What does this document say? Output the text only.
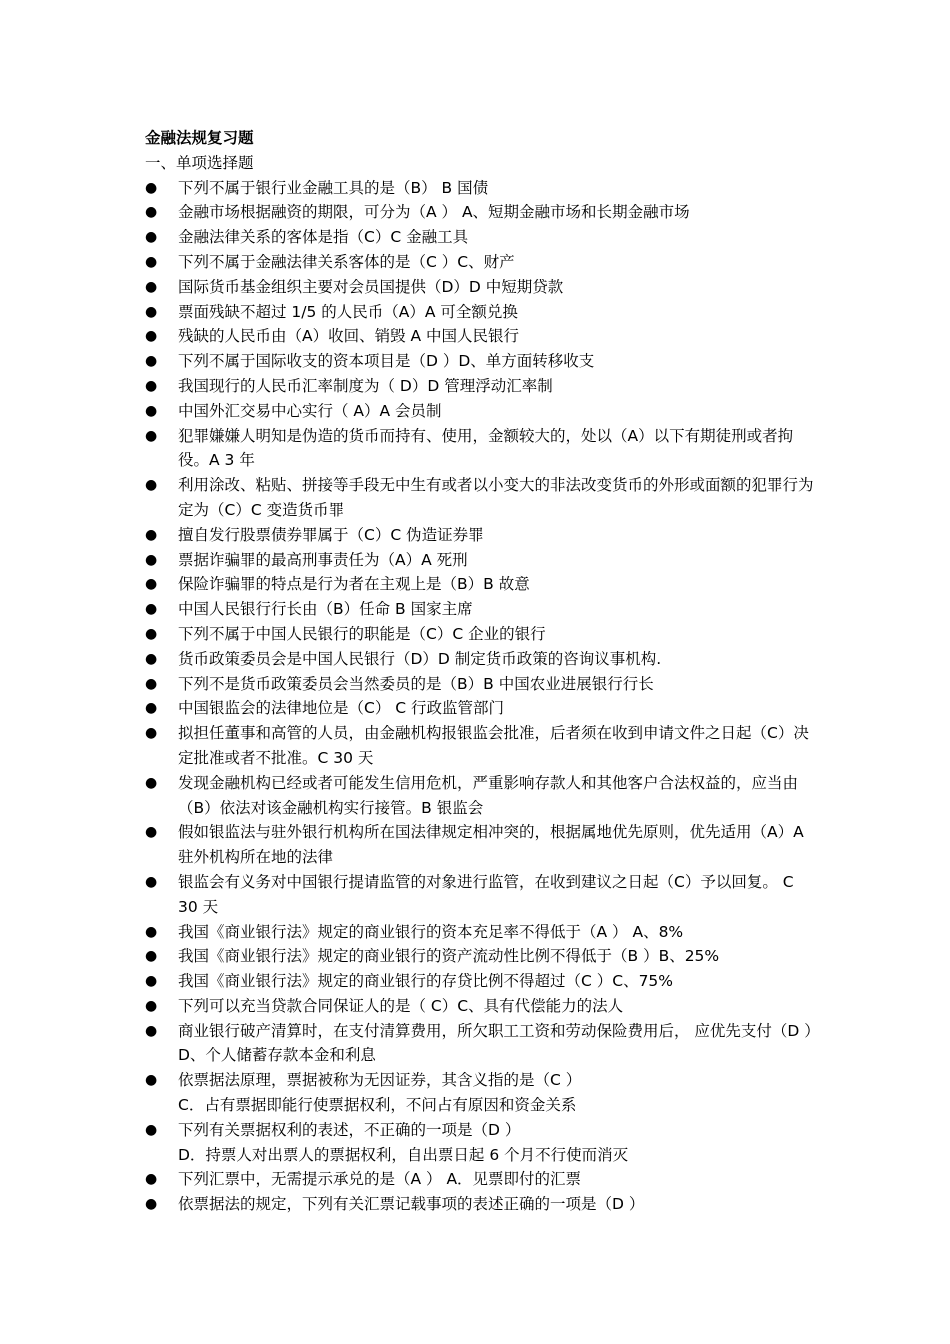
金融法规复习题
一、单项选择题
● 下列不属于银行业金融工具的是（B） B 国债
● 金融市场根据融资的期限，可分为（A ） A、短期金融市场和长期金融市场
● 金融法律关系的客体是指（C）C 金融工具
● 下列不属于金融法律关系客体的是（C ）C、财产
● 国际货币基金组织主要对会员国提供（D）D 中短期贷款
● 票面残缺不超过 1/5 的人民币（A）A 可全额兑换
● 残缺的人民币由（A）收回、销毁 A 中国人民银行
● 下列不属于国际收支的资本项目是（D ）D、单方面转移收支
● 我国现行的人民币汇率制度为（ D）D 管理浮动汇率制
● 中国外汇交易中心实行（ A）A 会员制
● 犯罪嫌嫌人明知是伪造的货币而持有、使用，金额较大的，处以（A）以下有期徒刑或者拘役。A 3 年
● 利用涂改、粘贴、拼接等手段无中生有或者以小变大的非法改变货币的外形或面额的犯罪行为定为（C）C 变造货币罪
● 擅自发行股票债券罪属于（C）C 伪造证券罪
● 票据诈骗罪的最高刑事责任为（A）A 死刑
● 保险诈骗罪的特点是行为者在主观上是（B）B 故意
● 中国人民银行行长由（B）任命 B 国家主席
● 下列不属于中国人民银行的职能是（C）C 企业的银行
● 货币政策委员会是中国人民银行（D）D 制定货币政策的咨询议事机构.
● 下列不是货币政策委员会当然委员的是（B）B 中国农业进展银行行长
● 中国银监会的法律地位是（C） C 行政监管部门
● 拟担任董事和高管的人员，由金融机构报银监会批准，后者须在收到申请文件之日起（C）决定批准或者不批准。C 30 天
● 发现金融机构已经或者可能发生信用危机，严重影响存款人和其他客户合法权益的，应当由（B）依法对该金融机构实行接管。B 银监会
● 假如银监法与驻外银行机构所在国法律规定相冲突的，根据属地优先原则，优先适用（A）A 驻外机构所在地的法律
● 银监会有义务对中国银行提请监管的对象进行监管，在收到建议之日起（C）予以回复。 C 30 天
● 我国《商业银行法》规定的商业银行的资本充足率不得低于（A ） A、8%
● 我国《商业银行法》规定的商业银行的资产流动性比例不得低于（B ）B、25%
● 我国《商业银行法》规定的商业银行的存贷比例不得超过（C ）C、75%
● 下列可以充当贷款合同保证人的是（ C）C、具有代偿能力的法人
● 商业银行破产清算时，在支付清算费用，所欠职工工资和劳动保险费用后， 应优先支付（D ）D、个人储蓄存款本金和利息
● 依票据法原理，票据被称为无因证券，其含义指的是（C ）
C．占有票据即能行使票据权利，不问占有原因和资金关系
● 下列有关票据权利的表述，不正确的一项是（D ）
D．持票人对出票人的票据权利，自出票日起 6 个月不行使而消灭
● 下列汇票中，无需提示承兑的是（A ） A．见票即付的汇票
● 依票据法的规定，下列有关汇票记载事项的表述正确的一项是（D ）
